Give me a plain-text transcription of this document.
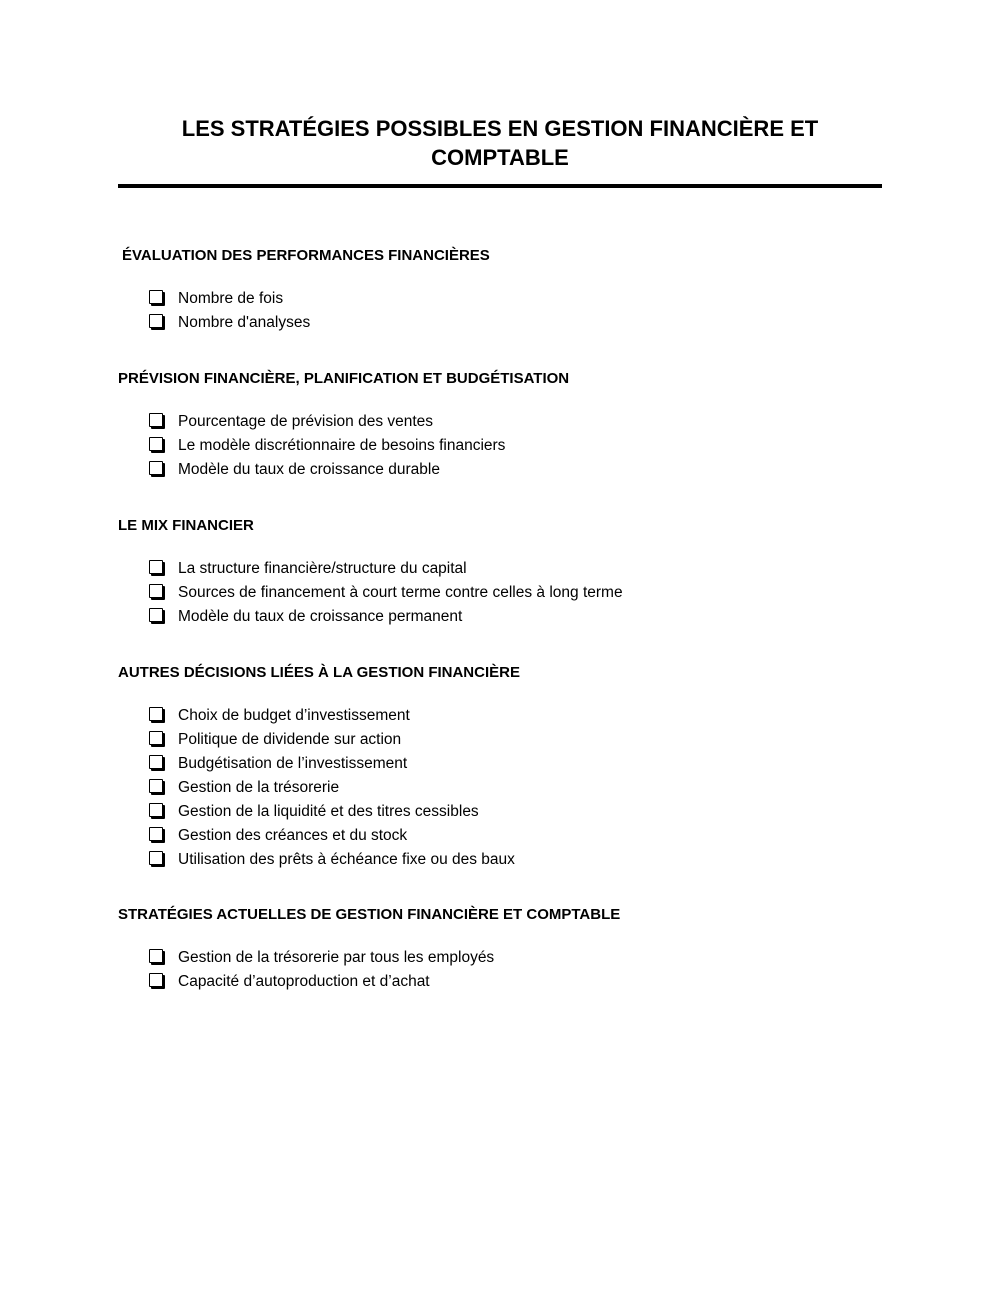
LES STRATÉGIES POSSIBLES EN GESTION FINANCIÈRE ET
COMPTABLE
ÉVALUATION DES PERFORMANCES FINANCIÈRES
Nombre de fois
Nombre d'analyses
PRÉVISION FINANCIÈRE, PLANIFICATION ET BUDGÉTISATION
Pourcentage de prévision des ventes
Le modèle discrétionnaire de besoins financiers
Modèle du taux de croissance durable
LE MIX FINANCIER
La structure financière/structure du capital
Sources de financement à court terme contre celles à long terme
Modèle du taux de croissance permanent
AUTRES DÉCISIONS LIÉES À LA GESTION FINANCIÈRE
Choix de budget d’investissement
Politique de dividende sur action
Budgétisation de l’investissement
Gestion de la trésorerie
Gestion de la liquidité et des titres cessibles
Gestion des créances et du stock
Utilisation des prêts à échéance fixe ou des baux
STRATÉGIES ACTUELLES DE GESTION FINANCIÈRE ET COMPTABLE
Gestion de la trésorerie par tous les employés
Capacité d’autoproduction et d’achat
